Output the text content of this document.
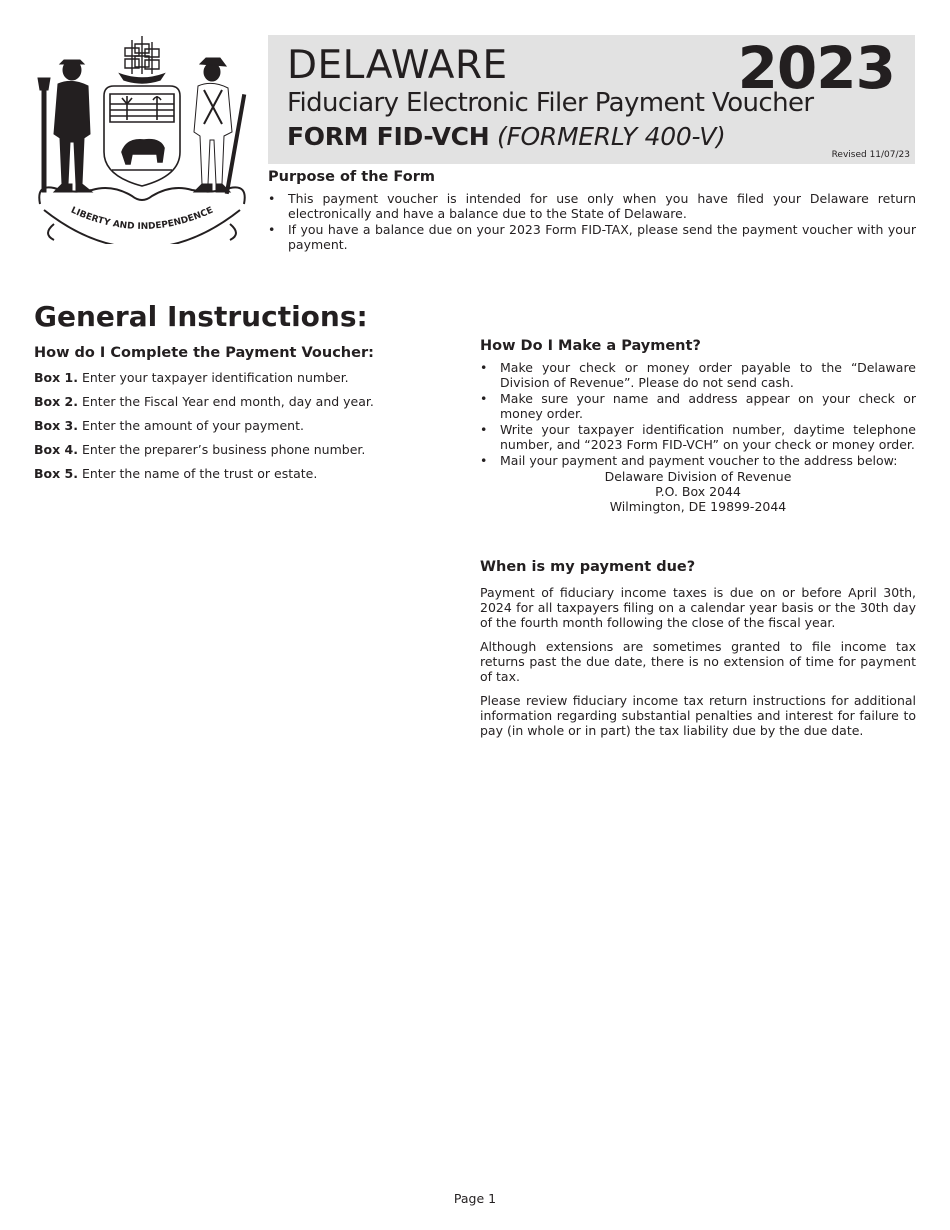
LIBERTY AND INDEPENDENCE
DELAWARE	2023
Fiduciary Electronic Filer Payment Voucher
FORM FID-VCH (FORMERLY 400-V)
Revised 11/07/23
Purpose of the Form
• This payment voucher is intended for use only when you have filed your Delaware return electronically and have a balance due to the State of Delaware.
• If you have a balance due on your 2023 Form FID-TAX, please send the payment voucher with your payment.
General Instructions:
How do I Complete the Payment Voucher:

Box 1. Enter your taxpayer identification number.

Box 2. Enter the Fiscal Year end month, day and year.

Box 3. Enter the amount of your payment.

Box 4. Enter the preparer’s business phone number.

Box 5. Enter the name of the trust or estate.

How Do I Make a Payment?
• Make your check or money order payable to the “Delaware Division of Revenue”. Please do not send cash.
• Make sure your name and address appear on your check or money order.
• Write your taxpayer identification number, daytime telephone number, and “2023 Form FID-VCH” on your check or money order.
• Mail your payment and payment voucher to the address below:
Delaware Division of Revenue
P.O. Box 2044
Wilmington, DE 19899-2044
When is my payment due?

Payment of fiduciary income taxes is due on or before April 30th, 2024 for all taxpayers filing on a calendar year basis or the 30th day of the fourth month following the close of the fiscal year.

Although extensions are sometimes granted to file income tax returns past the due date, there is no extension of time for payment of tax.

Please review fiduciary income tax return instructions for additional information regarding substantial penalties and interest for failure to pay (in whole or in part) the tax liability due by the due date.

Page 1
